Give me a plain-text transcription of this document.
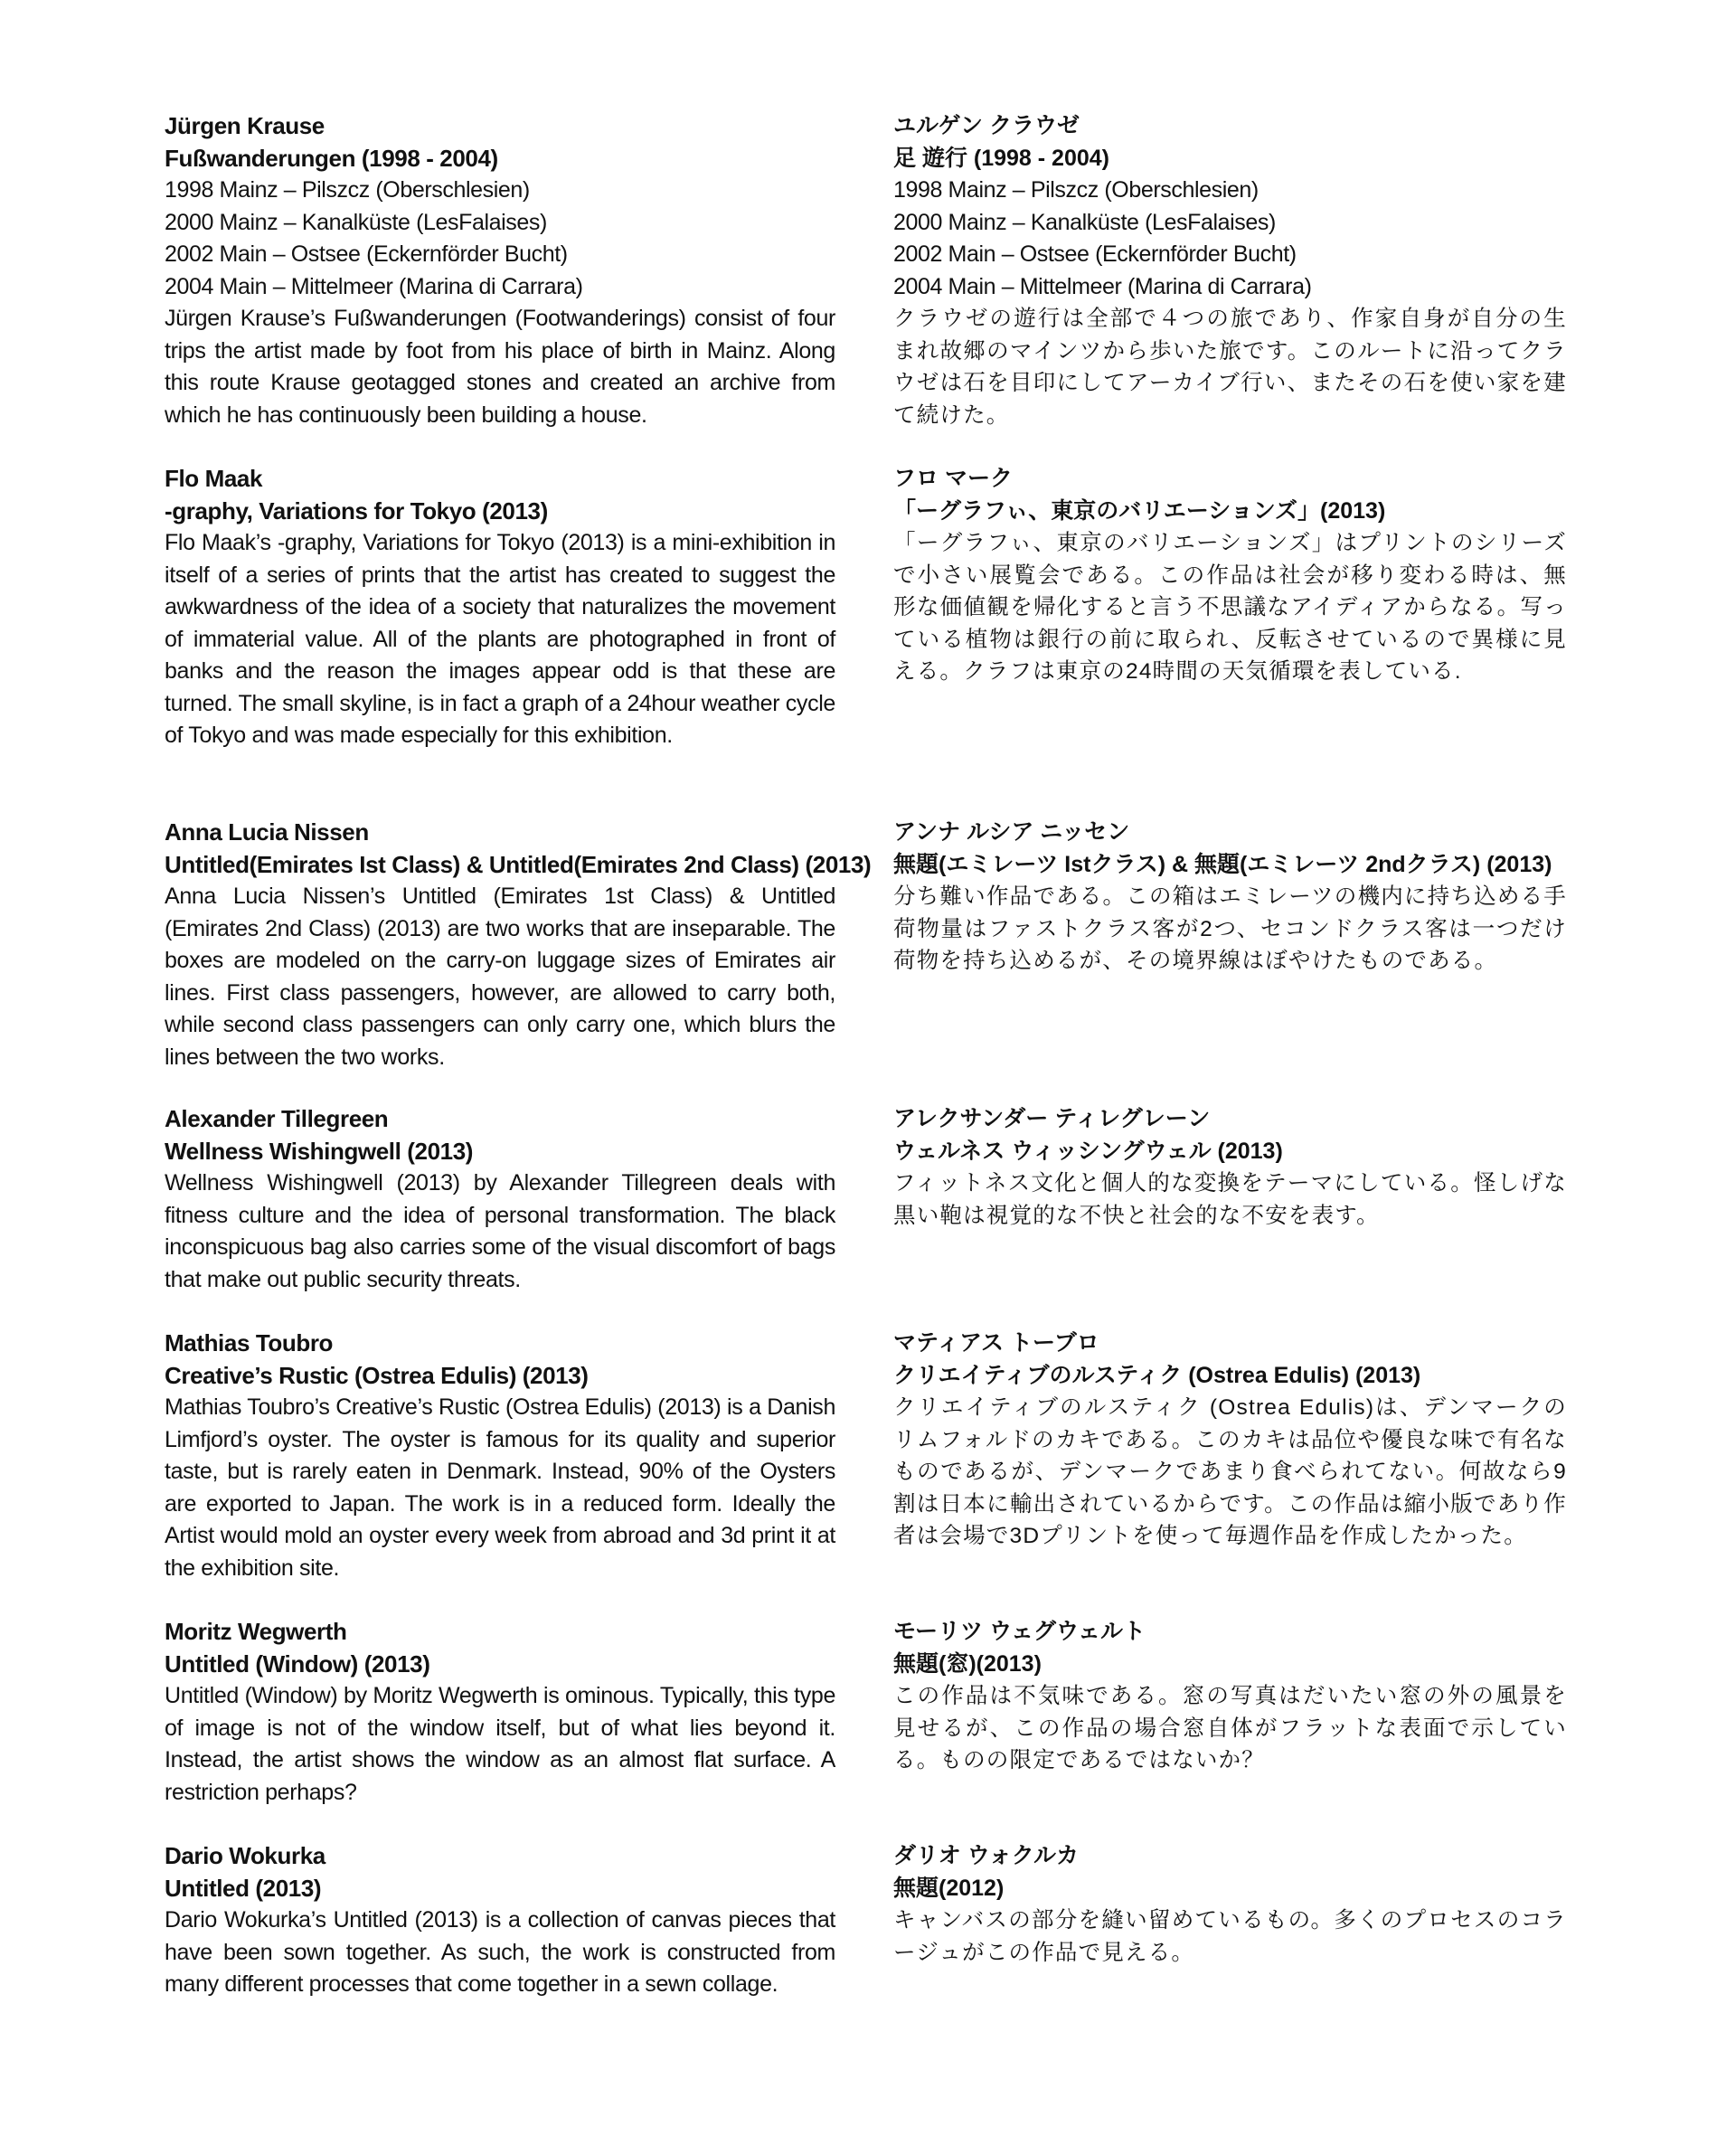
Jürgen Krause
Fußwanderungen (1998 - 2004)
1998 Mainz – Pilszcz (Oberschlesien)
2000 Mainz – Kanalküste (LesFalaises)
2002 Main – Ostsee (Eckernförder Bucht)
2004 Main – Mittelmeer (Marina di Carrara)

Jürgen Krause’s Fußwanderungen (Footwanderings) consist of four trips the artist made by foot from his place of birth in Mainz. Along this route Krause geotagged stones and created an archive from which he has continuously been building a house.

Flo Maak
-graphy, Variations for Tokyo (2013)

Flo Maak’s -graphy, Variations for Tokyo (2013) is a mini-exhibition in itself of a series of prints that the artist has created to suggest the awkwardness of the idea of a society that naturalizes the movement of immaterial value. All of the plants are photographed in front of banks and the reason the images appear odd is that these are turned. The small skyline, is in fact a graph of a 24hour weather cycle of Tokyo and was made especially for this exhibition.

Anna Lucia Nissen
Untitled(Emirates Ist Class) & Untitled(Emirates 2nd Class) (2013)

Anna Lucia Nissen’s Untitled (Emirates 1st Class) & Untitled (Emirates 2nd Class) (2013) are two works that are inseparable. The boxes are modeled on the carry-on luggage sizes of Emirates air lines. First class passengers, however, are allowed to carry both, while second class passengers can only carry one, which blurs the lines between the two works.

Alexander Tillegreen
Wellness Wishingwell (2013)

Wellness Wishingwell (2013) by Alexander Tillegreen deals with fitness culture and the idea of personal transformation. The black inconspicuous bag also carries some of the visual discomfort of bags that make out public security threats.

Mathias Toubro
Creative’s Rustic (Ostrea Edulis) (2013)

Mathias Toubro’s Creative’s Rustic (Ostrea Edulis) (2013) is a Danish Limfjord’s oyster. The oyster is famous for its quality and superior taste, but is rarely eaten in Denmark. Instead, 90% of the Oysters are exported to Japan. The work is in a reduced form. Ideally the Artist would mold an oyster every week from abroad and 3d print it at the exhibition site.

Moritz Wegwerth
Untitled (Window) (2013)

Untitled (Window) by Moritz Wegwerth is ominous. Typically, this type of image is not of the window itself, but of what lies beyond it. Instead, the artist shows the window as an almost flat surface. A restriction perhaps?

Dario Wokurka
Untitled (2013)

Dario Wokurka’s Untitled (2013) is a collection of canvas pieces that have been sown together. As such, the work is constructed from many different processes that come together in a sewn collage.

ユルゲン クラウゼ
足 遊行 (1998 - 2004)
1998 Mainz – Pilszcz (Oberschlesien)
2000 Mainz – Kanalküste (LesFalaises)
2002 Main – Ostsee (Eckernförder Bucht)
2004 Main – Mittelmeer (Marina di Carrara)

クラウゼの遊行は全部で４つの旅であり、作家自身が自分の生まれ故郷のマインツから歩いた旅です。このルートに沿ってクラウゼは石を目印にしてアーカイブ行い、またその石を使い家を建て続けた。

フロ マーク
「ーグラフぃ、東京のバリエーションズ」(2013)

「ーグラフぃ、東京のバリエーションズ」はプリントのシリーズで小さい展覧会である。この作品は社会が移り変わる時は、無形な価値観を帰化すると言う不思議なアイディアからなる。写っている植物は銀行の前に取られ、反転させているので異様に見える。クラフは東京の24時間の天気循環を表している.

アンナ ルシア ニッセン
無題(エミレーツ Istクラス) & 無題(エミレーツ 2ndクラス) (2013)

分ち難い作品である。この箱はエミレーツの機内に持ち込める手荷物量はファストクラス客が2つ、セコンドクラス客は一つだけ荷物を持ち込めるが、その境界線はぼやけたものである。

アレクサンダー ティレグレーン
ウェルネス ウィッシングウェル (2013)

フィットネス文化と個人的な変換をテーマにしている。怪しげな黒い鞄は視覚的な不快と社会的な不安を表す。

マティアス トーブロ
クリエイティブのルスティク (Ostrea Edulis) (2013)

クリエイティブのルスティク (Ostrea Edulis)は、デンマークのリムフォルドのカキである。このカキは品位や優良な味で有名なものであるが、デンマークであまり食べられてない。何故なら9割は日本に輸出されているからです。この作品は縮小版であり作者は会場で3Dプリントを使って毎週作品を作成したかった。

モーリツ ウェグウェルト
無題(窓)(2013)

この作品は不気味である。窓の写真はだいたい窓の外の風景を見せるが、この作品の場合窓自体がフラットな表面で示している。ものの限定であるではないか？

ダリオ ウォクルカ
無題(2012)

キャンバスの部分を縫い留めているもの。多くのプロセスのコラージュがこの作品で見える。
